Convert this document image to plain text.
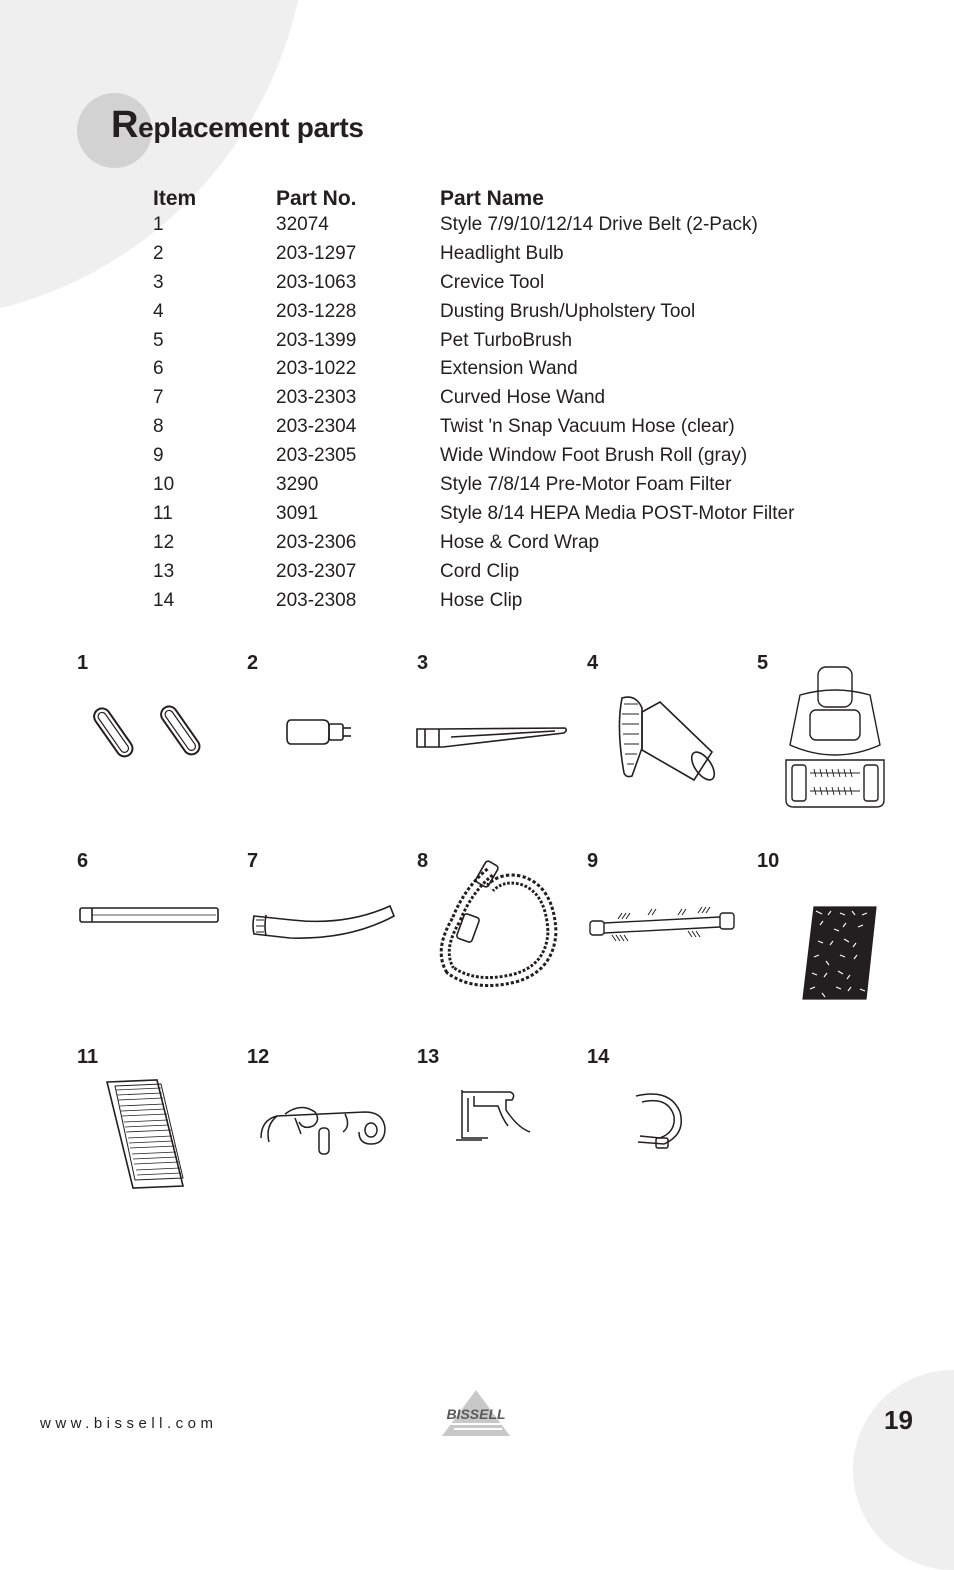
Replacement parts
Item	Part No.	Part Name
1	32074	Style 7/9/10/12/14 Drive Belt (2-Pack)
2	203-1297	Headlight Bulb
3	203-1063	Crevice Tool
4	203-1228	Dusting Brush/Upholstery Tool
5	203-1399	Pet TurboBrush
6	203-1022	Extension Wand
7	203-2303	Curved Hose Wand
8	203-2304	Twist 'n Snap Vacuum Hose (clear)
9	203-2305	Wide Window Foot Brush Roll (gray)
10	3290	Style 7/8/14 Pre-Motor Foam Filter
11	3091	Style 8/14 HEPA Media POST-Motor Filter
12	203-2306	Hose & Cord Wrap
13	203-2307	Cord Clip
14	203-2308	Hose Clip
1	2	3	4	5
6	7	8	9	10
11	12	13	14
www.bissell.com
BISSELL	19
